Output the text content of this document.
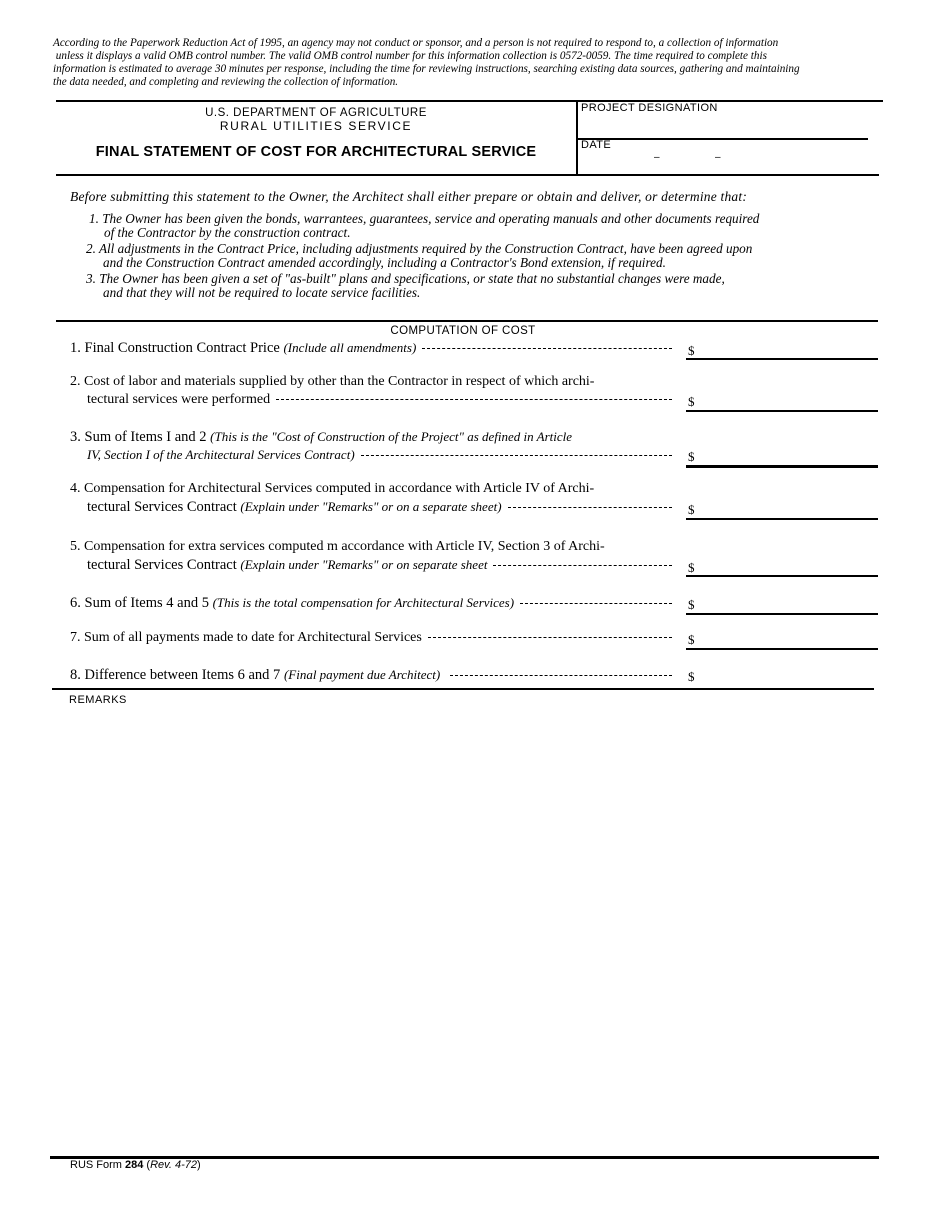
According to the Paperwork Reduction Act of 1995, an agency may not conduct or sponsor, and a person is not required to respond to, a collection of information
unless it displays a valid OMB control number. The valid OMB control number for this information collection is 0572-0059. The time required to complete this
information is estimated to average 30 minutes per response, including the time for reviewing instructions, searching existing data sources, gathering and maintaining
the data needed, and completing and reviewing the collection of information.
U.S. DEPARTMENT OF AGRICULTURE
RURAL UTILITIES SERVICE
FINAL STATEMENT OF COST FOR ARCHITECTURAL SERVICE
PROJECT DESIGNATION
DATE
–	–
Before submitting this statement to the Owner, the Architect shall either prepare or obtain and deliver, or determine that:
1. The Owner has been given the bonds, warrantees, guarantees, service and operating manuals and other documents required
of the Contractor by the construction contract.
2. All adjustments in the Contract Price, including adjustments required by the Construction Contract, have been agreed upon
and the Construction Contract amended accordingly, including a Contractor's Bond extension, if required.
3. The Owner has been given a set of "as-built" plans and specifications, or state that no substantial changes were made,
and that they will not be required to locate service facilities.
COMPUTATION OF COST
1. Final Construction Contract Price (Include all amendments)	$
2. Cost of labor and materials supplied by other than the Contractor in respect of which archi-
tectural services were performed	$
3. Sum of Items I and 2 (This is the "Cost of Construction of the Project" as defined in Article
IV, Section I of the Architectural Services Contract)	$
4. Compensation for Architectural Services computed in accordance with Article IV of Archi-
tectural Services Contract (Explain under "Remarks" or on a separate sheet)	$
5. Compensation for extra services computed m accordance with Article IV, Section 3 of Archi-
tectural Services Contract (Explain under "Remarks" or on separate sheet	$
6. Sum of Items 4 and 5 (This is the total compensation for Architectural Services)	$
7. Sum of all payments made to date for Architectural Services	$
8. Difference between Items 6 and 7 (Final payment due Architect)	$
REMARKS
RUS Form 284 (Rev. 4-72)
